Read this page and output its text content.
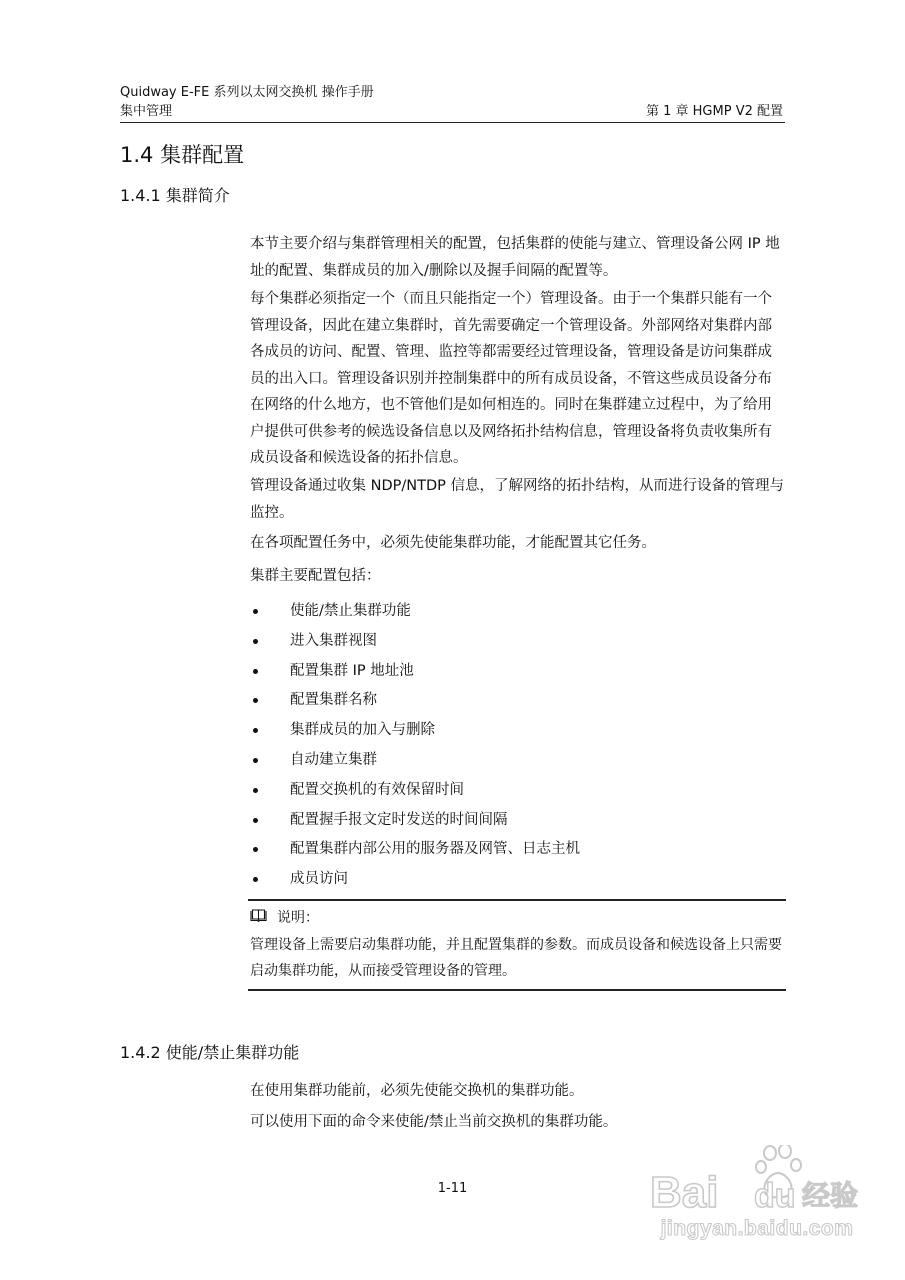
Quidway E-FE 系列以太网交换机 操作手册
集中管理	第 1 章 HGMP V2 配置
1.4 集群配置
1.4.1 集群简介

本节主要介绍与集群管理相关的配置，包括集群的使能与建立、管理设备公网 IP 地址的配置、集群成员的加入/删除以及握手间隔的配置等。

每个集群必须指定一个（而且只能指定一个）管理设备。由于一个集群只能有一个管理设备，因此在建立集群时，首先需要确定一个管理设备。外部网络对集群内部各成员的访问、配置、管理、监控等都需要经过管理设备，管理设备是访问集群成员的出入口。管理设备识别并控制集群中的所有成员设备，不管这些成员设备分布在网络的什么地方，也不管他们是如何相连的。同时在集群建立过程中，为了给用户提供可供参考的候选设备信息以及网络拓扑结构信息，管理设备将负责收集所有成员设备和候选设备的拓扑信息。

管理设备通过收集 NDP/NTDP 信息，了解网络的拓扑结构，从而进行设备的管理与监控。

在各项配置任务中，必须先使能集群功能，才能配置其它任务。

集群主要配置包括：

使能/禁止集群功能
进入集群视图
配置集群 IP 地址池
配置集群名称
集群成员的加入与删除
自动建立集群
配置交换机的有效保留时间
配置握手报文定时发送的时间间隔
配置集群内部公用的服务器及网管、日志主机
成员访问
说明：

管理设备上需要启动集群功能，并且配置集群的参数。而成员设备和候选设备上只需要启动集群功能，从而接受管理设备的管理。

1.4.2 使能/禁止集群功能

在使用集群功能前，必须先使能交换机的集群功能。

可以使用下面的命令来使能/禁止当前交换机的集群功能。

1-11	Bai du 经验
jingyan.baidu.com
